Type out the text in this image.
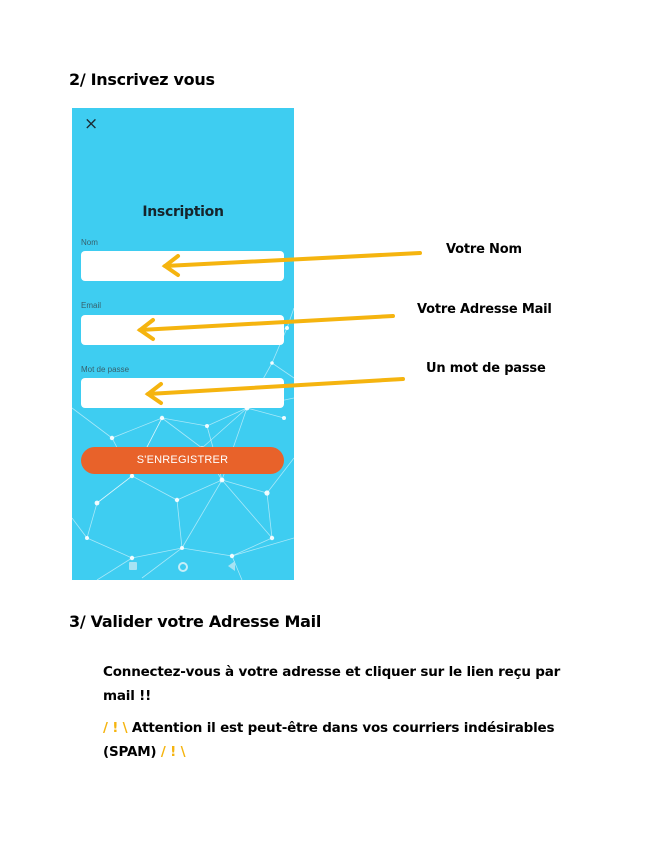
2/ Inscrivez vous
×
Inscription
Nom
Email
Mot de passe
S'ENREGISTRER
Votre Nom
Votre Adresse Mail
Un mot de passe
3/ Valider votre Adresse Mail

Connectez-vous à votre adresse et cliquer sur le lien reçu par mail !!

/ ! \ Attention il est peut-être dans vos courriers indésirables (SPAM) / ! \
